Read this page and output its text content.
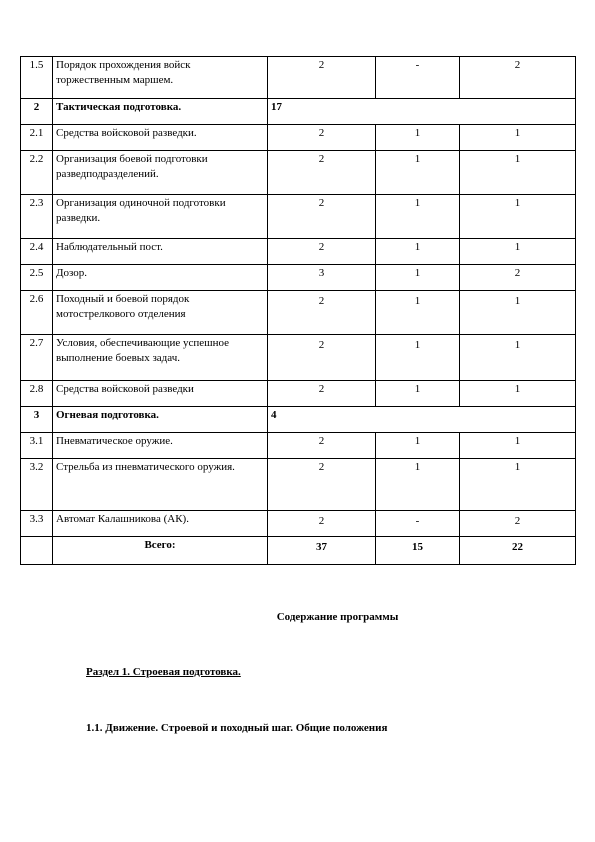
1.5	Порядок прохождения войск торжественным маршем.	2	-	2
2	Тактическая подготовка.	17		
2.1	Средства войсковой разведки.	2	1	1
2.2	Организация боевой подготовки разведподразделений.	2	1	1
2.3	Организация одиночной подготовки разведки.	2	1	1
2.4	Наблюдательный пост.	2	1	1
2.5	Дозор.	3	1	2
2.6	Походный и боевой порядок мотострелкового отделения	2	1	1
2.7	Условия, обеспечивающие успешное выполнение боевых задач.	2	1	1
2.8	Средства войсковой разведки	2	1	1
3	Огневая подготовка.	4		
3.1	Пневматическое оружие.	2	1	1
3.2	Стрельба из пневматического оружия.	2	1	1
3.3	Автомат Калашникова (АК).	2	-	2
	Всего:	37	15	22
Содержание программы
Раздел 1. Строевая подготовка.
1.1. Движение. Строевой и походный шаг. Общие положения
